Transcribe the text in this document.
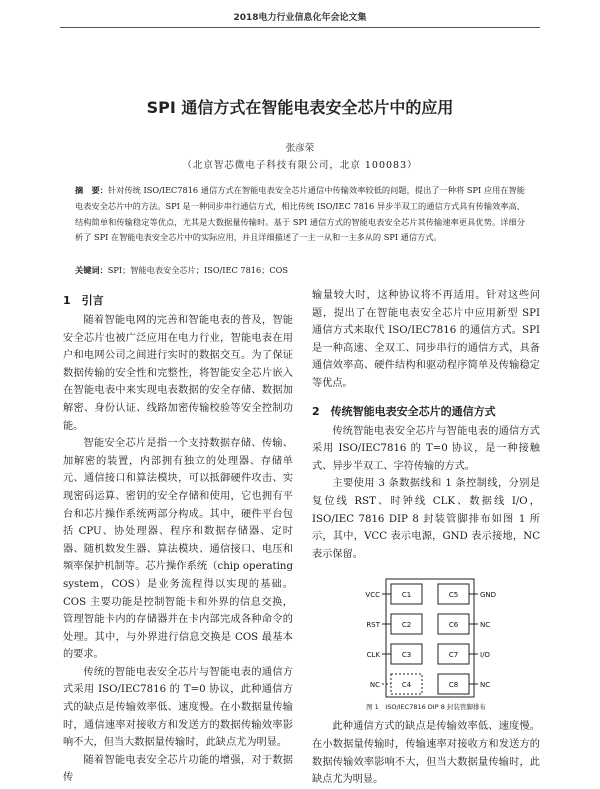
2018电力行业信息化年会论文集
SPI 通信方式在智能电表安全芯片中的应用
张彦荣
（北京智芯微电子科技有限公司，北京 100083）
摘　要：针对传统 ISO/IEC7816 通信方式在智能电表安全芯片通信中传输效率较低的问题，提出了一种将 SPI 应用在智能电表安全芯片中的方法。SPI 是一种同步串行通信方式，相比传统 ISO/IEC 7816 异步半双工的通信方式具有传输效率高、结构简单和传输稳定等优点，尤其是大数据量传输时。基于 SPI 通信方式的智能电表安全芯片其传输速率更具优势。详细分析了 SPI 在智能电表安全芯片中的实际应用，并且详细描述了一主一从和一主多从的 SPI 通信方式。
关键词：SPI；智能电表安全芯片；ISO/IEC 7816；COS
1　引言

随着智能电网的完善和智能电表的普及，智能安全芯片也被广泛应用在电力行业，智能电表在用户和电网公司之间进行实时的数据交互。为了保证数据传输的安全性和完整性，将智能安全芯片嵌入在智能电表中来实现电表数据的安全存储、数据加解密、身份认证、线路加密传输校验等安全控制功能。

智能安全芯片是指一个支持数据存储、传输、加解密的装置，内部拥有独立的处理器、存储单元、通信接口和算法模块，可以抵御硬件攻击、实现密码运算、密钥的安全存储和使用，它也拥有平台和芯片操作系统两部分构成。其中，硬件平台包括 CPU、协处理器、程序和数据存储器、定时器、随机数发生器、算法模块、通信接口、电压和频率保护机制等。芯片操作系统（chip operating system，COS）是业务流程得以实现的基础。COS 主要功能是控制智能卡和外界的信息交换，管理智能卡内的存储器并在卡内部完成各种命令的处理。其中，与外界进行信息交换是 COS 最基本的要求。

传统的智能电表安全芯片与智能电表的通信方式采用 ISO/IEC7816 的 T=0 协议，此种通信方式的缺点是传输效率低、速度慢。在小数据量传输时，通信速率对接收方和发送方的数据传输效率影响不大，但当大数据量传输时，此缺点尤为明显。

随着智能电表安全芯片功能的增强，对于数据传

输量较大时，这种协议将不再适用。针对这些问题，提出了在智能电表安全芯片中应用新型 SPI 通信方式来取代 ISO/IEC7816 的通信方式。SPI 是一种高速、全双工、同步串行的通信方式，具备通信效率高、硬件结构和驱动程序简单及传输稳定等优点。

2　传统智能电表安全芯片的通信方式

传统智能电表安全芯片与智能电表的通信方式采用 ISO/IEC7816 的 T=0 协议，是一种接触式、异步半双工、字符传输的方式。

主要使用 3 条数据线和 1 条控制线，分别是复位线 RST、时钟线 CLK、数据线 I/O，ISO/IEC 7816 DIP 8 封装管脚排布如图 1 所示，其中，VCC 表示电源，GND 表示接地，NC 表示保留。

VCC
RST
CLK
NC
GND
NC
I/O
NC
C1
C2
C3
C4
C5
C6
C7
C8
图 1　ISO/IEC7816 DIP 8 封装管脚排布

此种通信方式的缺点是传输效率低、速度慢。在小数据量传输时，传输速率对接收方和发送方的数据传输效率影响不大，但当大数据量传输时，此缺点尤为明显。
